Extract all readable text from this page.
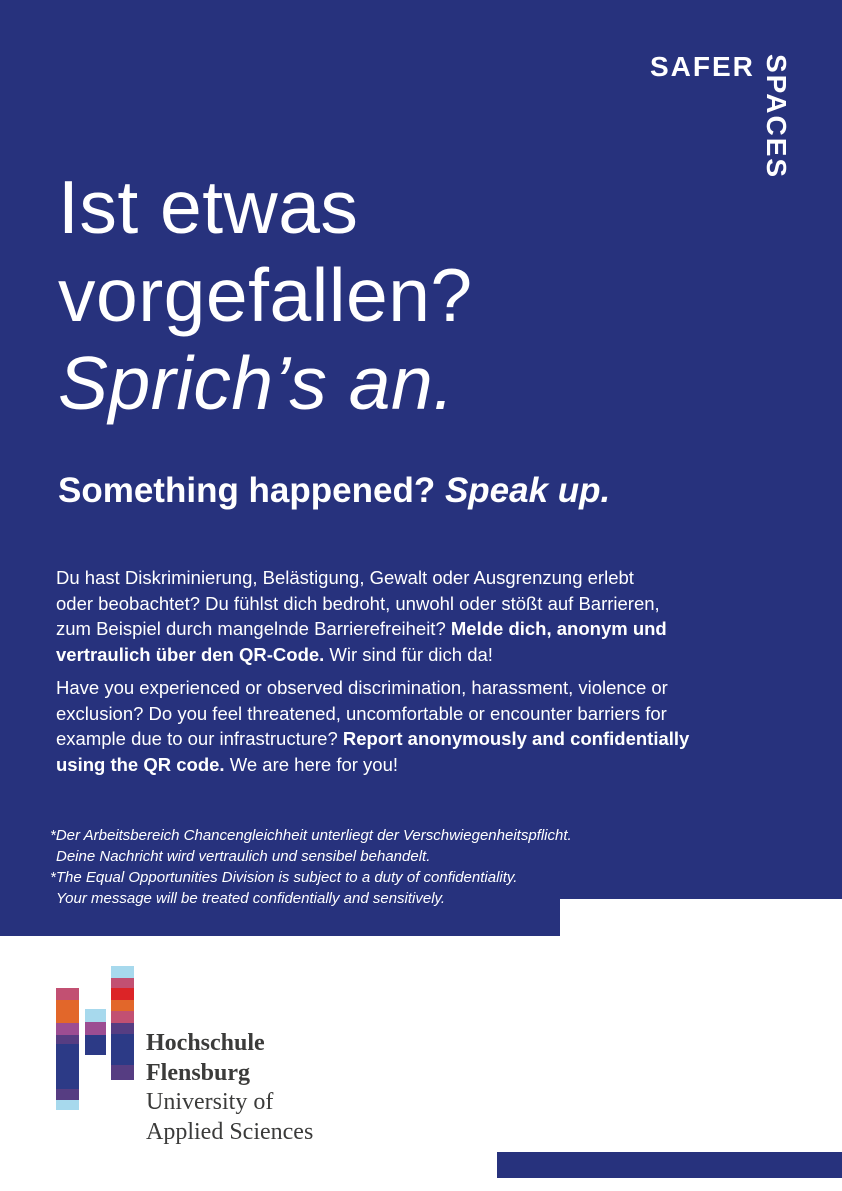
SAFER SPACES
Ist etwas
vorgefallen?
Sprich’s an.
Something happened? Speak up.
Du hast Diskriminierung, Belästigung, Gewalt oder Ausgrenzung erlebt
oder beobachtet? Du fühlst dich bedroht, unwohl oder stößt auf Barrieren,
zum Beispiel durch mangelnde Barrierefreiheit? Melde dich, anonym und
vertraulich über den QR-Code. Wir sind für dich da!
Have you experienced or observed discrimination, harassment, violence or
exclusion? Do you feel threatened, uncomfortable or encounter barriers for
example due to our infrastructure? Report anonymously and confidentially
using the QR code. We are here for you!
*Der Arbeitsbereich Chancengleichheit unterliegt der Verschwiegenheitspflicht.
Deine Nachricht wird vertraulich und sensibel behandelt.
*The Equal Opportunities Division is subject to a duty of confidentiality.
Your message will be treated confidentially and sensitively.
Hochschule
Flensburg
University of
Applied Sciences
